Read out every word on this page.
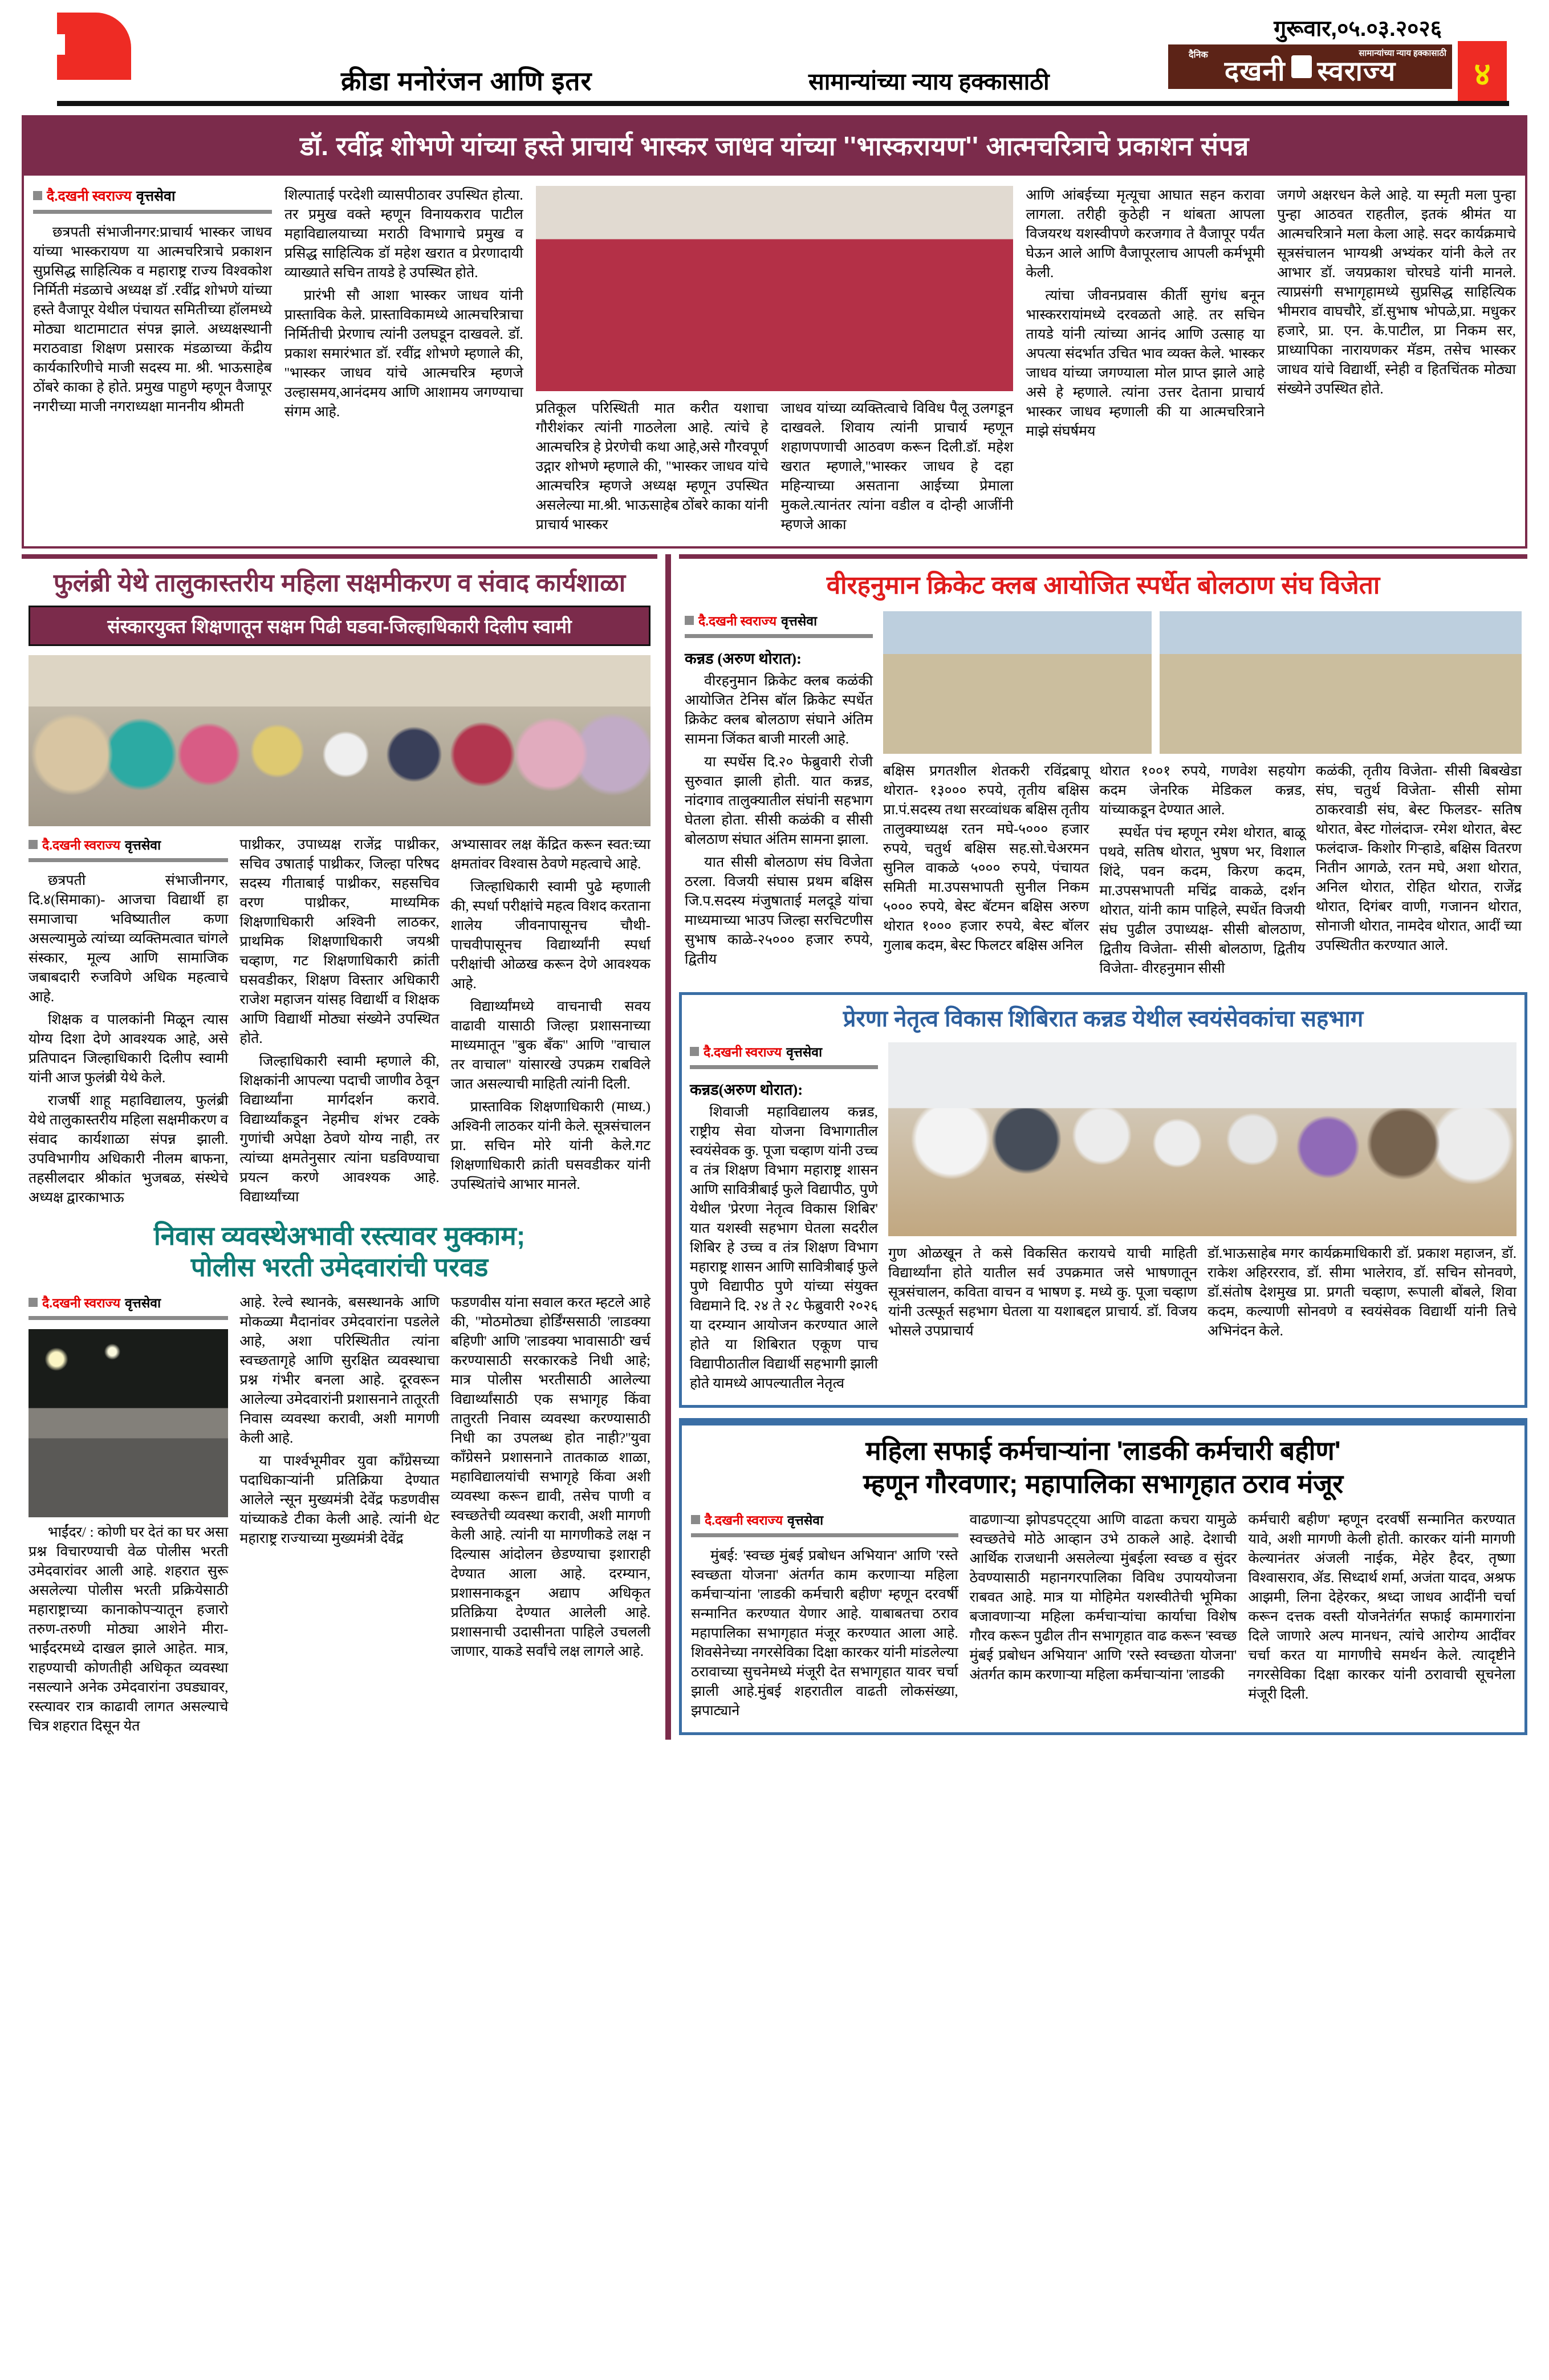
क्रीडा मनोरंजन आणि इतर	सामान्यांच्या न्याय हक्कासाठी
गुरूवार,०५.०३.२०२६
दैनिक	सामान्यांच्या न्याय हक्कासाठी
दखनी स्वराज्य	४
डॉ. रवींद्र शोभणे यांच्या हस्ते प्राचार्य भास्कर जाधव यांच्या ''भास्करायण'' आत्मचरित्राचे प्रकाशन संपन्न
दै.दखनी स्वराज्य वृत्तसेवा

छत्रपती संभाजीनगर:प्राचार्य भास्कर जाधव यांच्या भास्करायण या आत्मचरित्राचे प्रकाशन सुप्रसिद्ध साहित्यिक व महाराष्ट्र राज्य विश्वकोश निर्मिती मंडळाचे अध्यक्ष डॉ .रवींद्र शोभणे यांच्या हस्ते वैजापूर येथील पंचायत समितीच्या हॉलमध्ये मोठ्या थाटामाटात संपन्न झाले. अध्यक्षस्थानी मराठवाडा शिक्षण प्रसारक मंडळाच्या केंद्रीय कार्यकारिणीचे माजी सदस्य मा. श्री. भाऊसाहेब ठोंबरे काका हे होते. प्रमुख पाहुणे म्हणून वैजापूर नगरीच्या माजी नगराध्यक्षा माननीय श्रीमती

शिल्पाताई परदेशी व्यासपीठावर उपस्थित होत्या. तर प्रमुख वक्ते म्हणून विनायकराव पाटील महाविद्यालयाच्या मराठी विभागाचे प्रमुख व प्रसिद्ध साहित्यिक डॉ महेश खरात व प्रेरणादायी व्याख्याते सचिन तायडे हे उपस्थित होते.

प्रारंभी सौ आशा भास्कर जाधव यांनी प्रास्ताविक केले. प्रास्ताविकामध्ये आत्मचरित्राचा निर्मितीची प्रेरणाच त्यांनी उलघडून दाखवले. डॉ. प्रकाश समारंभात डॉ. रवींद्र शोभणे म्हणाले की, ''भास्कर जाधव यांचे आत्मचरित्र म्हणजे उल्हासमय,आनंदमय आणि आशामय जगण्याचा संगम आहे.	प्रतिकूल परिस्थिती मात करीत यशाचा गौरीशंकर त्यांनी गाठलेला आहे. त्यांचे हे आत्मचरित्र हे प्रेरणेची कथा आहे,असे गौरवपूर्ण उद्गार शोभणे म्हणाले की, ''भास्कर जाधव यांचे आत्मचरित्र म्हणजे अध्यक्ष म्हणून उपस्थित असलेल्या मा.श्री. भाऊसाहेब ठोंबरे काका यांनी प्राचार्य भास्कर

जाधव यांच्या व्यक्तित्वाचे विविध पैलू उलगडून दाखवले. शिवाय त्यांनी प्राचार्य म्हणून शहाणपणाची आठवण करून दिली.डॉ. महेश खरात म्हणाले,''भास्कर जाधव हे दहा महिन्याच्या असताना आईच्या प्रेमाला मुकले.त्यानंतर त्यांना वडील व दोन्ही आजींनी म्हणजे आका

आणि आंबईच्या मृत्यूचा आघात सहन करावा लागला. तरीही कुठेही न थांबता आपला विजयरथ यशस्वीपणे करजगाव ते वैजापूर पर्यंत घेऊन आले आणि वैजापूरलाच आपली कर्मभूमी केली.

त्यांचा जीवनप्रवास कीर्ती सुगंध बनून भास्कररायांमध्ये दरवळतो आहे. तर सचिन तायडे यांनी त्यांच्या आनंद आणि उत्साह या अपत्या संदर्भात उचित भाव व्यक्त केले. भास्कर जाधव यांच्या जगण्याला मोल प्राप्त झाले आहे असे हे म्हणाले. त्यांना उत्तर देताना प्राचार्य भास्कर जाधव म्हणाली की या आत्मचरित्राने माझे संघर्षमय

जगणे अक्षरधन केले आहे. या स्मृती मला पुन्हा पुन्हा आठवत राहतील, इतकं श्रीमंत या आत्मचरित्राने मला केला आहे. सदर कार्यक्रमाचे सूत्रसंचालन भाग्यश्री अभ्यंकर यांनी केले तर आभार डॉ. जयप्रकाश चोरघडे यांनी मानले. त्याप्रसंगी सभागृहामध्ये सुप्रसिद्ध साहित्यिक भीमराव वाघचौरे, डॉ.सुभाष भोपळे,प्रा. मधुकर हजारे, प्रा. एन. के.पाटील, प्रा निकम सर, प्राध्यापिका नारायणकर मॅडम, तसेच भास्कर जाधव यांचे विद्यार्थी, स्नेही व हितचिंतक मोठ्या संख्येने उपस्थित होते.

फुलंब्री येथे तालुकास्तरीय महिला सक्षमीकरण व संवाद कार्यशाळा
संस्कारयुक्त शिक्षणातून सक्षम पिढी घडवा-जिल्हाधिकारी दिलीप स्वामी
दै.दखनी स्वराज्य वृत्तसेवा

छत्रपती संभाजीनगर, दि.४(सिमाका)- आजचा विद्यार्थी हा समाजाचा भविष्यातील कणा असल्यामुळे त्यांच्या व्यक्तिमत्वात चांगले संस्कार, मूल्य आणि सामाजिक जबाबदारी रुजविणे अधिक महत्वाचे आहे.

शिक्षक व पालकांनी मिळून त्यास योग्य दिशा देणे आवश्यक आहे, असे प्रतिपादन जिल्हाधिकारी दिलीप स्वामी यांनी आज फुलंब्री येथे केले.

राजर्षी शाहू महाविद्यालय, फुलंब्री येथे तालुकास्तरीय महिला सक्षमीकरण व संवाद कार्यशाळा संपन्न झाली. उपविभागीय अधिकारी नीलम बाफना, तहसीलदार श्रीकांत भुजबळ, संस्थेचे अध्यक्ष द्वारकाभाऊ

पाथ्रीकर, उपाध्यक्ष राजेंद्र पाथ्रीकर, सचिव उषाताई पाथ्रीकर, जिल्हा परिषद सदस्य गीताबाई पाथ्रीकर, सहसचिव वरण पाथ्रीकर, माध्यमिक शिक्षणाधिकारी अश्विनी लाठकर, प्राथमिक शिक्षणाधिकारी जयश्री चव्हाण, गट शिक्षणाधिकारी क्रांती घसवडीकर, शिक्षण विस्तार अधिकारी राजेश महाजन यांसह विद्यार्थी व शिक्षक आणि विद्यार्थी मोठ्या संख्येने उपस्थित होते.

जिल्हाधिकारी स्वामी म्हणाले की, शिक्षकांनी आपल्या पदाची जाणीव ठेवून विद्यार्थ्यांना मार्गदर्शन करावे. विद्यार्थ्यांकडून नेहमीच शंभर टक्के गुणांची अपेक्षा ठेवणे योग्य नाही, तर त्यांच्या क्षमतेनुसार त्यांना घडविण्याचा प्रयत्न करणे आवश्यक आहे. विद्यार्थ्यांच्या

अभ्यासावर लक्ष केंद्रित करून स्वत:च्या क्षमतांवर विश्वास ठेवणे महत्वाचे आहे.

जिल्हाधिकारी स्वामी पुढे म्हणाली की, स्पर्धा परीक्षांचे महत्व विशद करताना शालेय जीवनापासूनच चौथी-पाचवीपासूनच विद्यार्थ्यांनी स्पर्धा परीक्षांची ओळख करून देणे आवश्यक आहे.

विद्यार्थ्यांमध्ये वाचनाची सवय वाढावी यासाठी जिल्हा प्रशासनाच्या माध्यमातून ''बुक बँक'' आणि ''वाचाल तर वाचाल'' यांसारखे उपक्रम राबविले जात असल्याची माहिती त्यांनी दिली.

प्रास्ताविक शिक्षणाधिकारी (माध्य.) अश्विनी लाठकर यांनी केले. सूत्रसंचालन प्रा. सचिन मोरे यांनी केले.गट शिक्षणाधिकारी क्रांती घसवडीकर यांनी उपस्थितांचे आभार मानले.

निवास व्यवस्थेअभावी रस्त्यावर मुक्काम;
पोलीस भरती उमेदवारांची परवड
दै.दखनी स्वराज्य वृत्तसेवा

भाईंदर/ : कोणी घर देतं का घर असा प्रश्न विचारण्याची वेळ पोलीस भरती उमेदवारांवर आली आहे. शहरात सुरू असलेल्या पोलीस भरती प्रक्रियेसाठी महाराष्ट्राच्या कानाकोपऱ्यातून हजारो तरुण-तरुणी मोठ्या आशेने मीरा-भाईंदरमध्ये दाखल झाले आहेत. मात्र, राहण्याची कोणतीही अधिकृत व्यवस्था नसल्याने अनेक उमेदवारांना उघड्यावर, रस्त्यावर रात्र काढावी लागत असल्याचे चित्र शहरात दिसून येत

आहे. रेल्वे स्थानके, बसस्थानके आणि मोकळ्या मैदानांवर उमेदवारांना पडलेले आहे, अशा परिस्थितीत त्यांना स्वच्छतागृहे आणि सुरक्षित व्यवस्थाचा प्रश्न गंभीर बनला आहे. दूरवरून आलेल्या उमेदवारांनी प्रशासनाने तातूरती निवास व्यवस्था करावी, अशी मागणी केली आहे.

या पार्श्वभूमीवर युवा काँग्रेसच्या पदाधिकाऱ्यांनी प्रतिक्रिया देण्यात आलेले न्सून मुख्यमंत्री देवेंद्र फडणवीस यांच्याकडे टीका केली आहे. त्यांनी थेट महाराष्ट्र राज्याच्या मुख्यमंत्री देवेंद्र

फडणवीस यांना सवाल करत म्हटले आहे की, ''मोठमोठ्या होर्डिंग्ससाठी 'लाडक्या बहिणी' आणि 'लाडक्या भावासाठी' खर्च करण्यासाठी सरकारकडे निधी आहे; मात्र पोलीस भरतीसाठी आलेल्या विद्यार्थ्यांसाठी एक सभागृह किंवा तातुरती निवास व्यवस्था करण्यासाठी निधी का उपलब्ध होत नाही?''युवा काँग्रेसने प्रशासनाने तातकाळ शाळा, महाविद्यालयांची सभागृहे किंवा अशी व्यवस्था करून द्यावी, तसेच पाणी व स्वच्छतेची व्यवस्था करावी, अशी मागणी केली आहे. त्यांनी या मागणीकडे लक्ष न दिल्यास आंदोलन छेडण्याचा इशाराही देण्यात आला आहे. दरम्यान, प्रशासनाकडून अद्याप अधिकृत प्रतिक्रिया देण्यात आलेली आहे. प्रशासनाची उदासीनता पाहिले उचलली जाणार, याकडे सर्वांचे लक्ष लागले आहे.

वीरहनुमान क्रिकेट क्लब आयोजित स्पर्धेत बोलठाण संघ विजेता
दै.दखनी स्वराज्य वृत्तसेवा
कन्नड (अरुण थोरात):

वीरहनुमान क्रिकेट क्लब कळंकी आयोजित टेनिस बॉल क्रिकेट स्पर्धेत क्रिकेट क्लब बोलठाण संघाने अंतिम सामना जिंकत बाजी मारली आहे.

या स्पर्धेस दि.२० फेब्रुवारी रोजी सुरुवात झाली होती. यात कन्नड, नांदगाव तालुक्यातील संघांनी सहभाग घेतला होता. सीसी कळंकी व सीसी बोलठाण संघात अंतिम सामना झाला.

यात सीसी बोलठाण संघ विजेता ठरला. विजयी संघास प्रथम बक्षिस जि.प.सदस्य मंजुषाताई मलदूडे यांचा माध्यमाच्या भाउप जिल्हा सरचिटणीस सुभाष काळे-२५००० हजार रुपये, द्वितीय

बक्षिस प्रगतशील शेतकरी रविंद्रबापू थोरात- १३००० रुपये, तृतीय बक्षिस प्रा.पं.सदस्य तथा सरव्वांधक बक्षिस तृतीय तालुक्याध्यक्ष रतन मघे-५००० हजार रुपये, चतुर्थ बक्षिस सह.सो.चेअरमन सुनिल वाकळे ५००० रुपये, पंचायत समिती मा.उपसभापती सुनील निकम ५००० रुपये, बेस्ट बॅटमन बक्षिस अरुण थोरात १००० हजार रुपये, बेस्ट बॉलर गुलाब कदम, बेस्ट फिलटर बक्षिस अनिल

थोरात १००१ रुपये, गणवेश सहयोग कदम जेनरिक मेडिकल कन्नड, यांच्याकडून देण्यात आले.

स्पर्धेत पंच म्हणून रमेश थोरात, बाळू पथवे, सतिष थोरात, भुषण भर, विशाल शिंदे, पवन कदम, किरण कदम, मा.उपसभापती मचिंद्र वाकळे, दर्शन थोरात, यांनी काम पाहिले, स्पर्धेत विजयी संघ पुढील उपाध्यक्ष- सीसी बोलठाण, द्वितीय विजेता- सीसी बोलठाण, द्वितीय विजेता- वीरहनुमान सीसी

कळंकी, तृतीय विजेता- सीसी बिबखेडा संघ, चतुर्थ विजेता- सीसी सोमा ठाकरवाडी संघ, बेस्ट फिलडर- सतिष थोरात, बेस्ट गोलंदाज- रमेश थोरात, बेस्ट फलंदाज- किशोर गिऱ्हाडे, बक्षिस वितरण नितीन आगळे, रतन मघे, अशा थोरात, अनिल थोरात, रोहित थोरात, राजेंद्र थोरात, दिगंबर वाणी, गजानन थोरात, सोनाजी थोरात, नामदेव थोरात, आदीं च्या उपस्थितीत करण्यात आले.

प्रेरणा नेतृत्व विकास शिबिरात कन्नड येथील स्वयंसेवकांचा सहभाग
दै.दखनी स्वराज्य वृत्तसेवा
कन्नड(अरुण थोरात):

शिवाजी महाविद्यालय कन्नड, राष्ट्रीय सेवा योजना विभागातील स्वयंसेवक कु. पूजा चव्हाण यांनी उच्च व तंत्र शिक्षण विभाग महाराष्ट्र शासन आणि सावित्रीबाई फुले विद्यापीठ, पुणे येथील 'प्रेरणा नेतृत्व विकास शिबिर' यात यशस्वी सहभाग घेतला सदरील शिबिर हे उच्च व तंत्र शिक्षण विभाग महाराष्ट्र शासन आणि सावित्रीबाई फुले पुणे विद्यापीठ पुणे यांच्या संयुक्त विद्यमाने दि. २४ ते २८ फेब्रुवारी २०२६ या दरम्यान आयोजन करण्यात आले होते या शिबिरात एकूण पाच विद्यापीठातील विद्यार्थी सहभागी झाली होते यामध्ये आपल्यातील नेतृत्व

गुण ओळखून ते कसे विकसित करायचे याची माहिती विद्यार्थ्यांना होते यातील सर्व उपक्रमात जसे भाषणातून सूत्रसंचालन, कविता वाचन व भाषण इ. मध्ये कु. पूजा चव्हाण यांनी उत्स्फूर्त सहभाग घेतला या यशाबद्दल प्राचार्य. डॉ. विजय भोसले उपप्राचार्य

डॉ.भाऊसाहेब मगर कार्यक्रमाधिकारी डॉ. प्रकाश महाजन, डॉ. राकेश अहिररराव, डॉ. सीमा भालेराव, डॉ. सचिन सोनवणे, डॉ.संतोष देशमुख प्रा. प्रगती चव्हाण, रूपाली बोंबले, शिवा कदम, कल्याणी सोनवणे व स्वयंसेवक विद्यार्थी यांनी तिचे अभिनंदन केले.

महिला सफाई कर्मचाऱ्यांना 'लाडकी कर्मचारी बहीण'
म्हणून गौरवणार; महापालिका सभागृहात ठराव मंजूर
दै.दखनी स्वराज्य वृत्तसेवा

मुंबई: 'स्वच्छ मुंबई प्रबोधन अभियान' आणि 'रस्ते स्वच्छता योजना' अंतर्गत काम करणाऱ्या महिला कर्मचाऱ्यांना 'लाडकी कर्मचारी बहीण' म्हणून दरवर्षी सन्मानित करण्यात येणार आहे. याबाबतचा ठराव महापालिका सभागृहात मंजूर करण्यात आला आहे. शिवसेनेच्या नगरसेविका दिक्षा कारकर यांनी मांडलेल्या ठरावाच्या सुचनेमध्ये मंजूरी देत सभागृहात यावर चर्चा झाली आहे.मुंबई शहरातील वाढती लोकसंख्या, झपाट्याने

वाढणाऱ्या झोपडपट्ट्या आणि वाढता कचरा यामुळे स्वच्छतेचे मोठे आव्हान उभे ठाकले आहे. देशाची आर्थिक राजधानी असलेल्या मुंबईला स्वच्छ व सुंदर ठेवण्यासाठी महानगरपालिका विविध उपाययोजना राबवत आहे. मात्र या मोहिमेत यशस्वीतेची भूमिका बजावणाऱ्या महिला कर्मचाऱ्यांचा कार्याचा विशेष गौरव करून पुढील तीन सभागृहात वाढ करून 'स्वच्छ मुंबई प्रबोधन अभियान' आणि 'रस्ते स्वच्छता योजना' अंतर्गत काम करणाऱ्या महिला कर्मचाऱ्यांना 'लाडकी

कर्मचारी बहीण' म्हणून दरवर्षी सन्मानित करण्यात यावे, अशी मागणी केली होती. कारकर यांनी मागणी केल्यानंतर अंजली नाईक, मेहेर हैदर, तृष्णा विश्वासराव, ॲड. सिध्दार्थ शर्मा, अजंता यादव, अश्रफ आझमी, लिना देहेरकर, श्रध्दा जाधव आदींनी चर्चा करून दत्तक वस्ती योजनेतंर्गत सफाई कामगारांना दिले जाणारे अल्प मानधन, त्यांचे आरोग्य आदींवर चर्चा करत या मागणीचे समर्थन केले. त्यादृष्टीने नगरसेविका दिक्षा कारकर यांनी ठरावाची सूचनेला मंजूरी दिली.
